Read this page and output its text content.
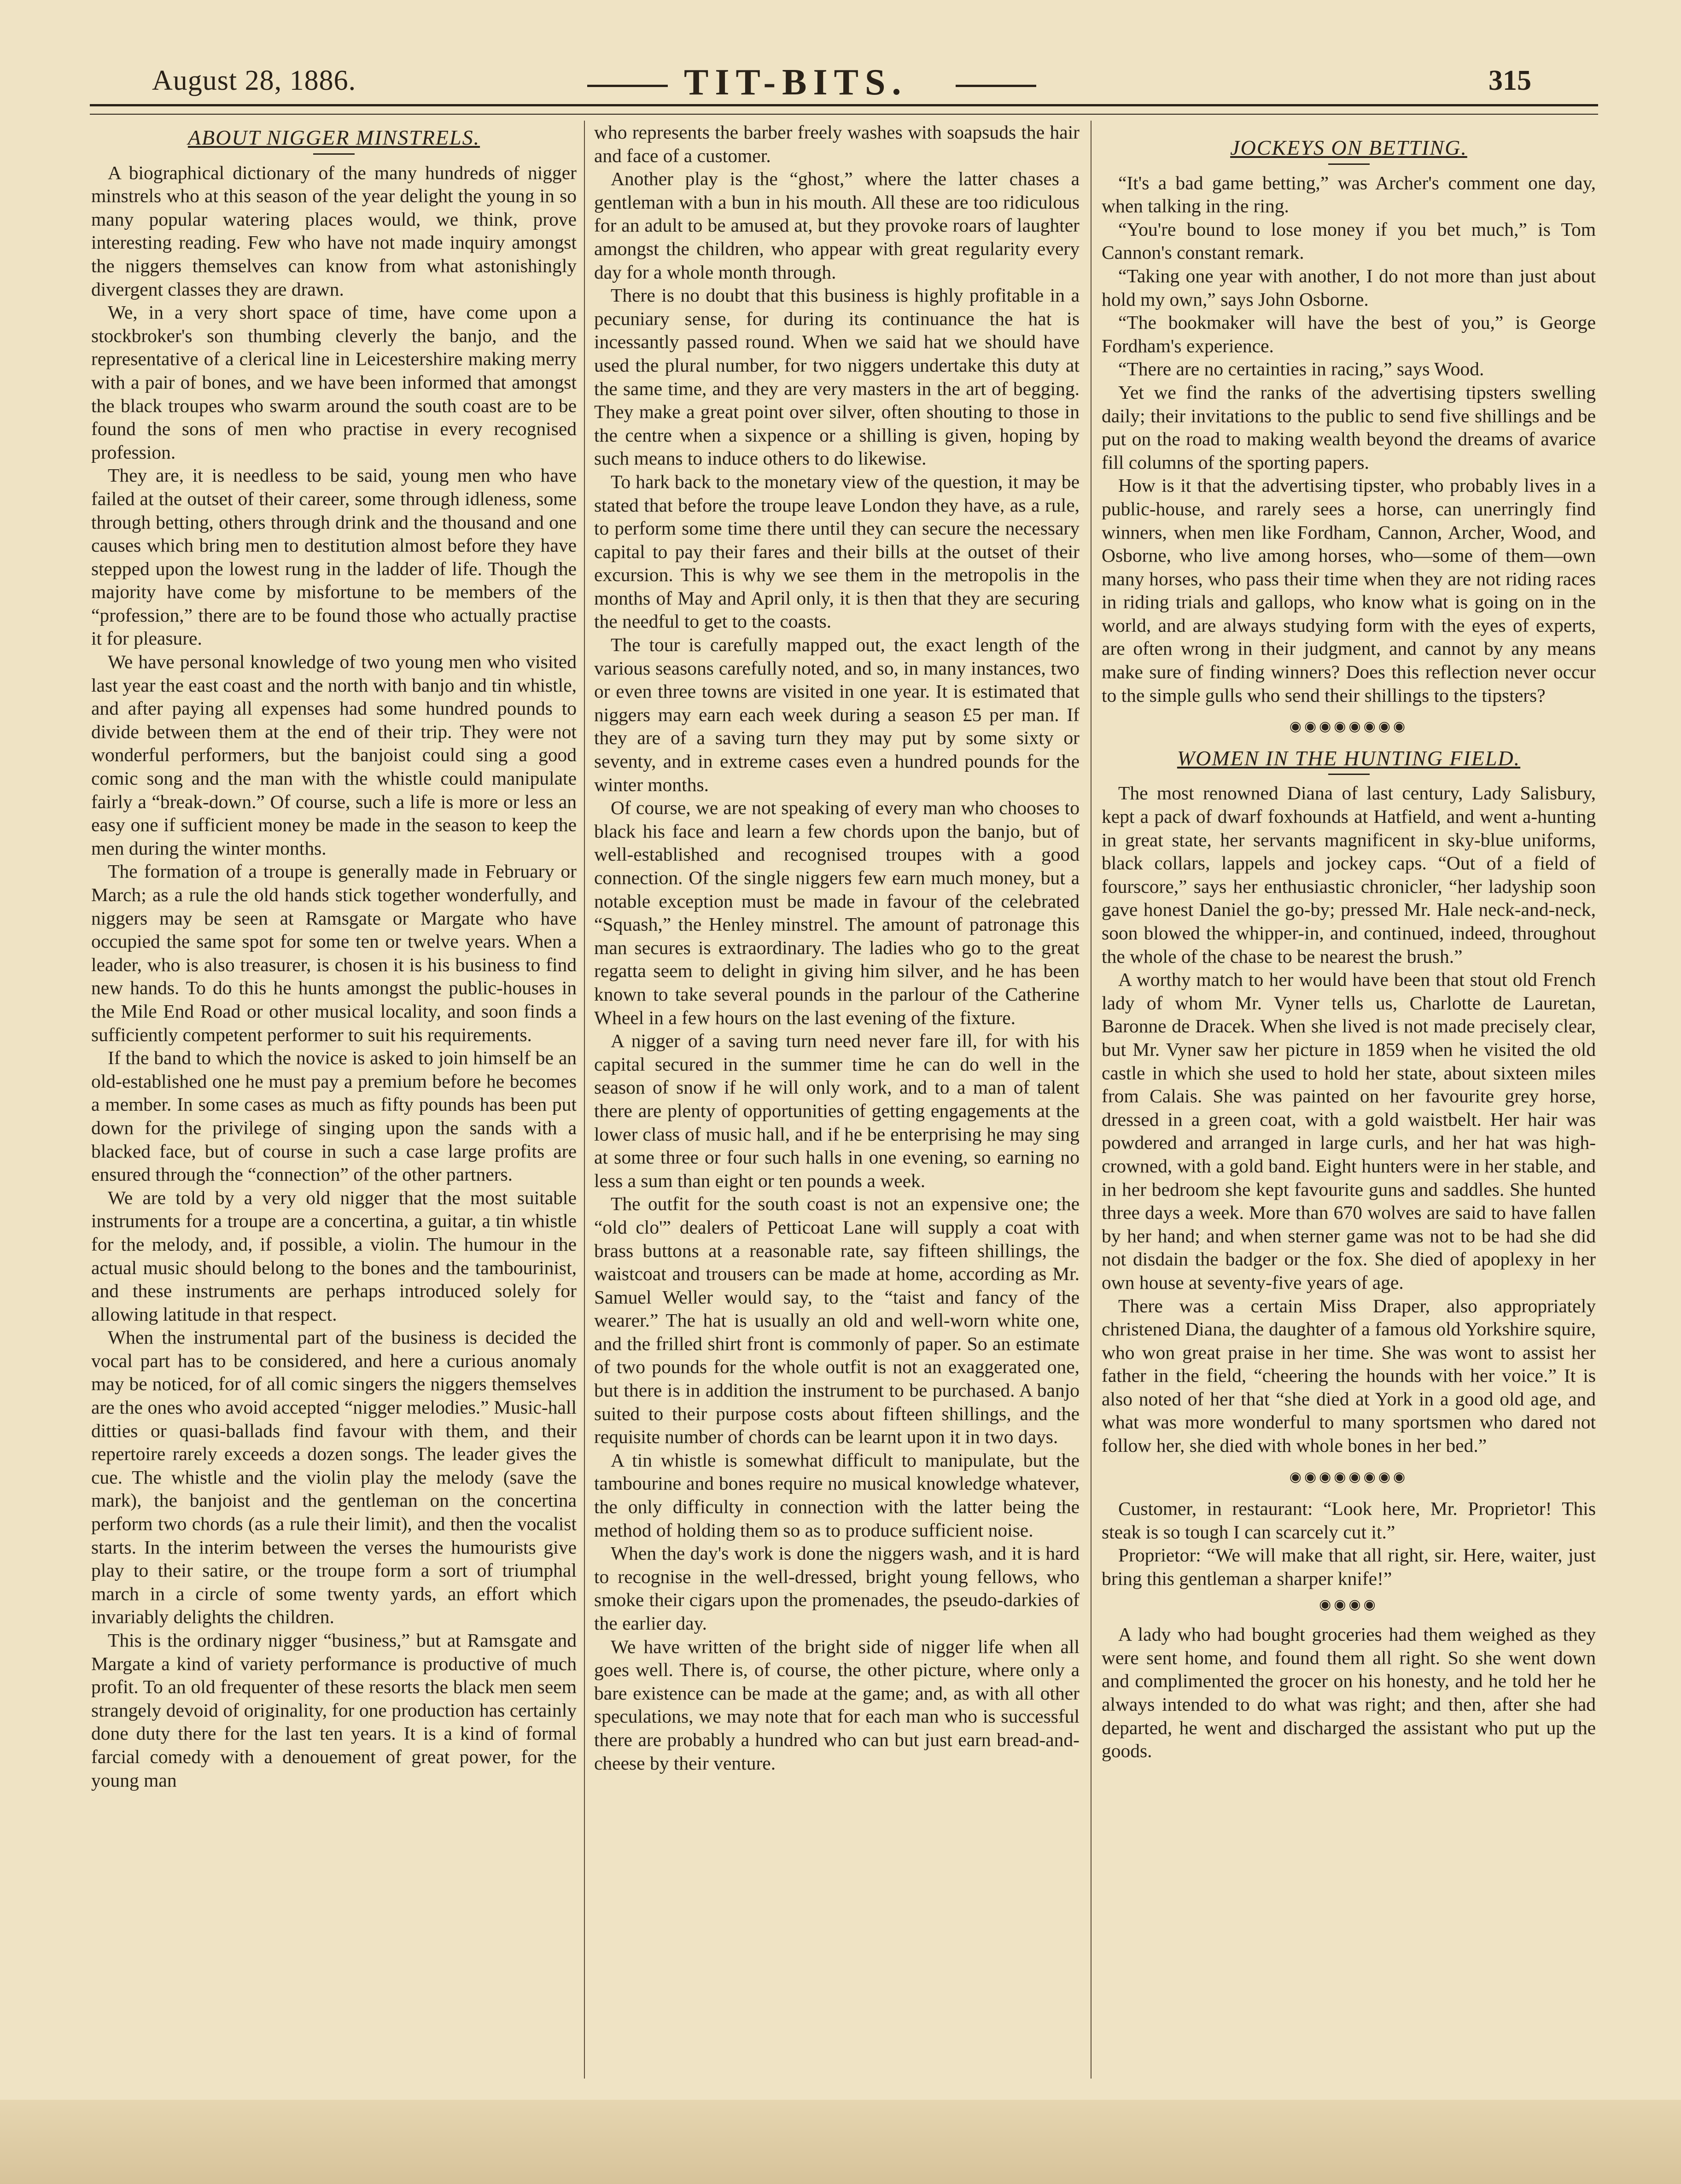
August 28, 1886.	TIT-BITS.	315
ABOUT NIGGER MINSTRELS.

A biographical dictionary of the many hundreds of nigger minstrels who at this season of the year delight the young in so many popular watering places would, we think, prove interesting reading. Few who have not made inquiry amongst the niggers themselves can know from what astonishingly divergent classes they are drawn.

We, in a very short space of time, have come upon a stockbroker's son thumbing cleverly the banjo, and the representative of a clerical line in Leicestershire making merry with a pair of bones, and we have been informed that amongst the black troupes who swarm around the south coast are to be found the sons of men who practise in every recognised profession.

They are, it is needless to be said, young men who have failed at the outset of their career, some through idleness, some through betting, others through drink and the thousand and one causes which bring men to destitution almost before they have stepped upon the lowest rung in the ladder of life. Though the majority have come by misfortune to be members of the “profession,” there are to be found those who actually practise it for pleasure.

We have personal knowledge of two young men who visited last year the east coast and the north with banjo and tin whistle, and after paying all expenses had some hundred pounds to divide between them at the end of their trip. They were not wonderful performers, but the banjoist could sing a good comic song and the man with the whistle could manipulate fairly a “break-down.” Of course, such a life is more or less an easy one if sufficient money be made in the season to keep the men during the winter months.

The formation of a troupe is generally made in February or March; as a rule the old hands stick together wonderfully, and niggers may be seen at Ramsgate or Margate who have occupied the same spot for some ten or twelve years. When a leader, who is also treasurer, is chosen it is his business to find new hands. To do this he hunts amongst the public-houses in the Mile End Road or other musical locality, and soon finds a sufficiently competent performer to suit his requirements.

If the band to which the novice is asked to join himself be an old-established one he must pay a premium before he becomes a member. In some cases as much as fifty pounds has been put down for the privilege of singing upon the sands with a blacked face, but of course in such a case large profits are ensured through the “connection” of the other partners.

We are told by a very old nigger that the most suitable instruments for a troupe are a concertina, a guitar, a tin whistle for the melody, and, if possible, a violin. The humour in the actual music should belong to the bones and the tambourinist, and these instruments are perhaps introduced solely for allowing latitude in that respect.

When the instrumental part of the business is decided the vocal part has to be considered, and here a curious anomaly may be noticed, for of all comic singers the niggers themselves are the ones who avoid accepted “nigger melodies.” Music-hall ditties or quasi-ballads find favour with them, and their repertoire rarely exceeds a dozen songs. The leader gives the cue. The whistle and the violin play the melody (save the mark), the banjoist and the gentleman on the concertina perform two chords (as a rule their limit), and then the vocalist starts. In the interim between the verses the humourists give play to their satire, or the troupe form a sort of triumphal march in a circle of some twenty yards, an effort which invariably delights the children.

This is the ordinary nigger “business,” but at Ramsgate and Margate a kind of variety performance is productive of much profit. To an old frequenter of these resorts the black men seem strangely devoid of originality, for one production has certainly done duty there for the last ten years. It is a kind of formal farcial comedy with a denouement of great power, for the young man

who represents the barber freely washes with soapsuds the hair and face of a customer.

Another play is the “ghost,” where the latter chases a gentleman with a bun in his mouth. All these are too ridiculous for an adult to be amused at, but they provoke roars of laughter amongst the children, who appear with great regularity every day for a whole month through.

There is no doubt that this business is highly profitable in a pecuniary sense, for during its continuance the hat is incessantly passed round. When we said hat we should have used the plural number, for two niggers undertake this duty at the same time, and they are very masters in the art of begging. They make a great point over silver, often shouting to those in the centre when a sixpence or a shilling is given, hoping by such means to induce others to do likewise.

To hark back to the monetary view of the question, it may be stated that before the troupe leave London they have, as a rule, to perform some time there until they can secure the necessary capital to pay their fares and their bills at the outset of their excursion. This is why we see them in the metropolis in the months of May and April only, it is then that they are securing the needful to get to the coasts.

The tour is carefully mapped out, the exact length of the various seasons carefully noted, and so, in many instances, two or even three towns are visited in one year. It is estimated that niggers may earn each week during a season £5 per man. If they are of a saving turn they may put by some sixty or seventy, and in extreme cases even a hundred pounds for the winter months.

Of course, we are not speaking of every man who chooses to black his face and learn a few chords upon the banjo, but of well-established and recognised troupes with a good connection. Of the single niggers few earn much money, but a notable exception must be made in favour of the celebrated “Squash,” the Henley minstrel. The amount of patronage this man secures is extraordinary. The ladies who go to the great regatta seem to delight in giving him silver, and he has been known to take several pounds in the parlour of the Catherine Wheel in a few hours on the last evening of the fixture.

A nigger of a saving turn need never fare ill, for with his capital secured in the summer time he can do well in the season of snow if he will only work, and to a man of talent there are plenty of opportunities of getting engagements at the lower class of music hall, and if he be enterprising he may sing at some three or four such halls in one evening, so earning no less a sum than eight or ten pounds a week.

The outfit for the south coast is not an expensive one; the “old clo'” dealers of Petticoat Lane will supply a coat with brass buttons at a reasonable rate, say fifteen shillings, the waistcoat and trousers can be made at home, according as Mr. Samuel Weller would say, to the “taist and fancy of the wearer.” The hat is usually an old and well-worn white one, and the frilled shirt front is commonly of paper. So an estimate of two pounds for the whole outfit is not an exaggerated one, but there is in addition the instrument to be purchased. A banjo suited to their purpose costs about fifteen shillings, and the requisite number of chords can be learnt upon it in two days.

A tin whistle is somewhat difficult to manipulate, but the tambourine and bones require no musical knowledge whatever, the only difficulty in connection with the latter being the method of holding them so as to produce sufficient noise.

When the day's work is done the niggers wash, and it is hard to recognise in the well-dressed, bright young fellows, who smoke their cigars upon the promenades, the pseudo-darkies of the earlier day.

We have written of the bright side of nigger life when all goes well. There is, of course, the other picture, where only a bare existence can be made at the game; and, as with all other speculations, we may note that for each man who is successful there are probably a hundred who can but just earn bread-and-cheese by their venture.

JOCKEYS ON BETTING.

“It's a bad game betting,” was Archer's comment one day, when talking in the ring.

“You're bound to lose money if you bet much,” is Tom Cannon's constant remark.

“Taking one year with another, I do not more than just about hold my own,” says John Osborne.

“The bookmaker will have the best of you,” is George Fordham's experience.

“There are no certainties in racing,” says Wood.

Yet we find the ranks of the advertising tipsters swelling daily; their invitations to the public to send five shillings and be put on the road to making wealth beyond the dreams of avarice fill columns of the sporting papers.

How is it that the advertising tipster, who probably lives in a public-house, and rarely sees a horse, can unerringly find winners, when men like Fordham, Cannon, Archer, Wood, and Osborne, who live among horses, who—some of them—own many horses, who pass their time when they are not riding races in riding trials and gallops, who know what is going on in the world, and are always studying form with the eyes of experts, are often wrong in their judgment, and cannot by any means make sure of finding winners? Does this reflection never occur to the simple gulls who send their shillings to the tipsters?

◉◉◉◉◉◉◉◉
WOMEN IN THE HUNTING FIELD.

The most renowned Diana of last century, Lady Salisbury, kept a pack of dwarf foxhounds at Hatfield, and went a-hunting in great state, her servants magnificent in sky-blue uniforms, black collars, lappels and jockey caps. “Out of a field of fourscore,” says her enthusiastic chronicler, “her ladyship soon gave honest Daniel the go-by; pressed Mr. Hale neck-and-neck, soon blowed the whipper-in, and continued, indeed, throughout the whole of the chase to be nearest the brush.”

A worthy match to her would have been that stout old French lady of whom Mr. Vyner tells us, Charlotte de Lauretan, Baronne de Dracek. When she lived is not made precisely clear, but Mr. Vyner saw her picture in 1859 when he visited the old castle in which she used to hold her state, about sixteen miles from Calais. She was painted on her favourite grey horse, dressed in a green coat, with a gold waistbelt. Her hair was powdered and arranged in large curls, and her hat was high-crowned, with a gold band. Eight hunters were in her stable, and in her bedroom she kept favourite guns and saddles. She hunted three days a week. More than 670 wolves are said to have fallen by her hand; and when sterner game was not to be had she did not disdain the badger or the fox. She died of apoplexy in her own house at seventy-five years of age.

There was a certain Miss Draper, also appropriately christened Diana, the daughter of a famous old Yorkshire squire, who won great praise in her time. She was wont to assist her father in the field, “cheering the hounds with her voice.” It is also noted of her that “she died at York in a good old age, and what was more wonderful to many sportsmen who dared not follow her, she died with whole bones in her bed.”

◉◉◉◉◉◉◉◉

Customer, in restaurant: “Look here, Mr. Proprietor! This steak is so tough I can scarcely cut it.”

Proprietor: “We will make that all right, sir. Here, waiter, just bring this gentleman a sharper knife!”

◉◉◉◉

A lady who had bought groceries had them weighed as they were sent home, and found them all right. So she went down and complimented the grocer on his honesty, and he told her he always intended to do what was right; and then, after she had departed, he went and discharged the assistant who put up the goods.
